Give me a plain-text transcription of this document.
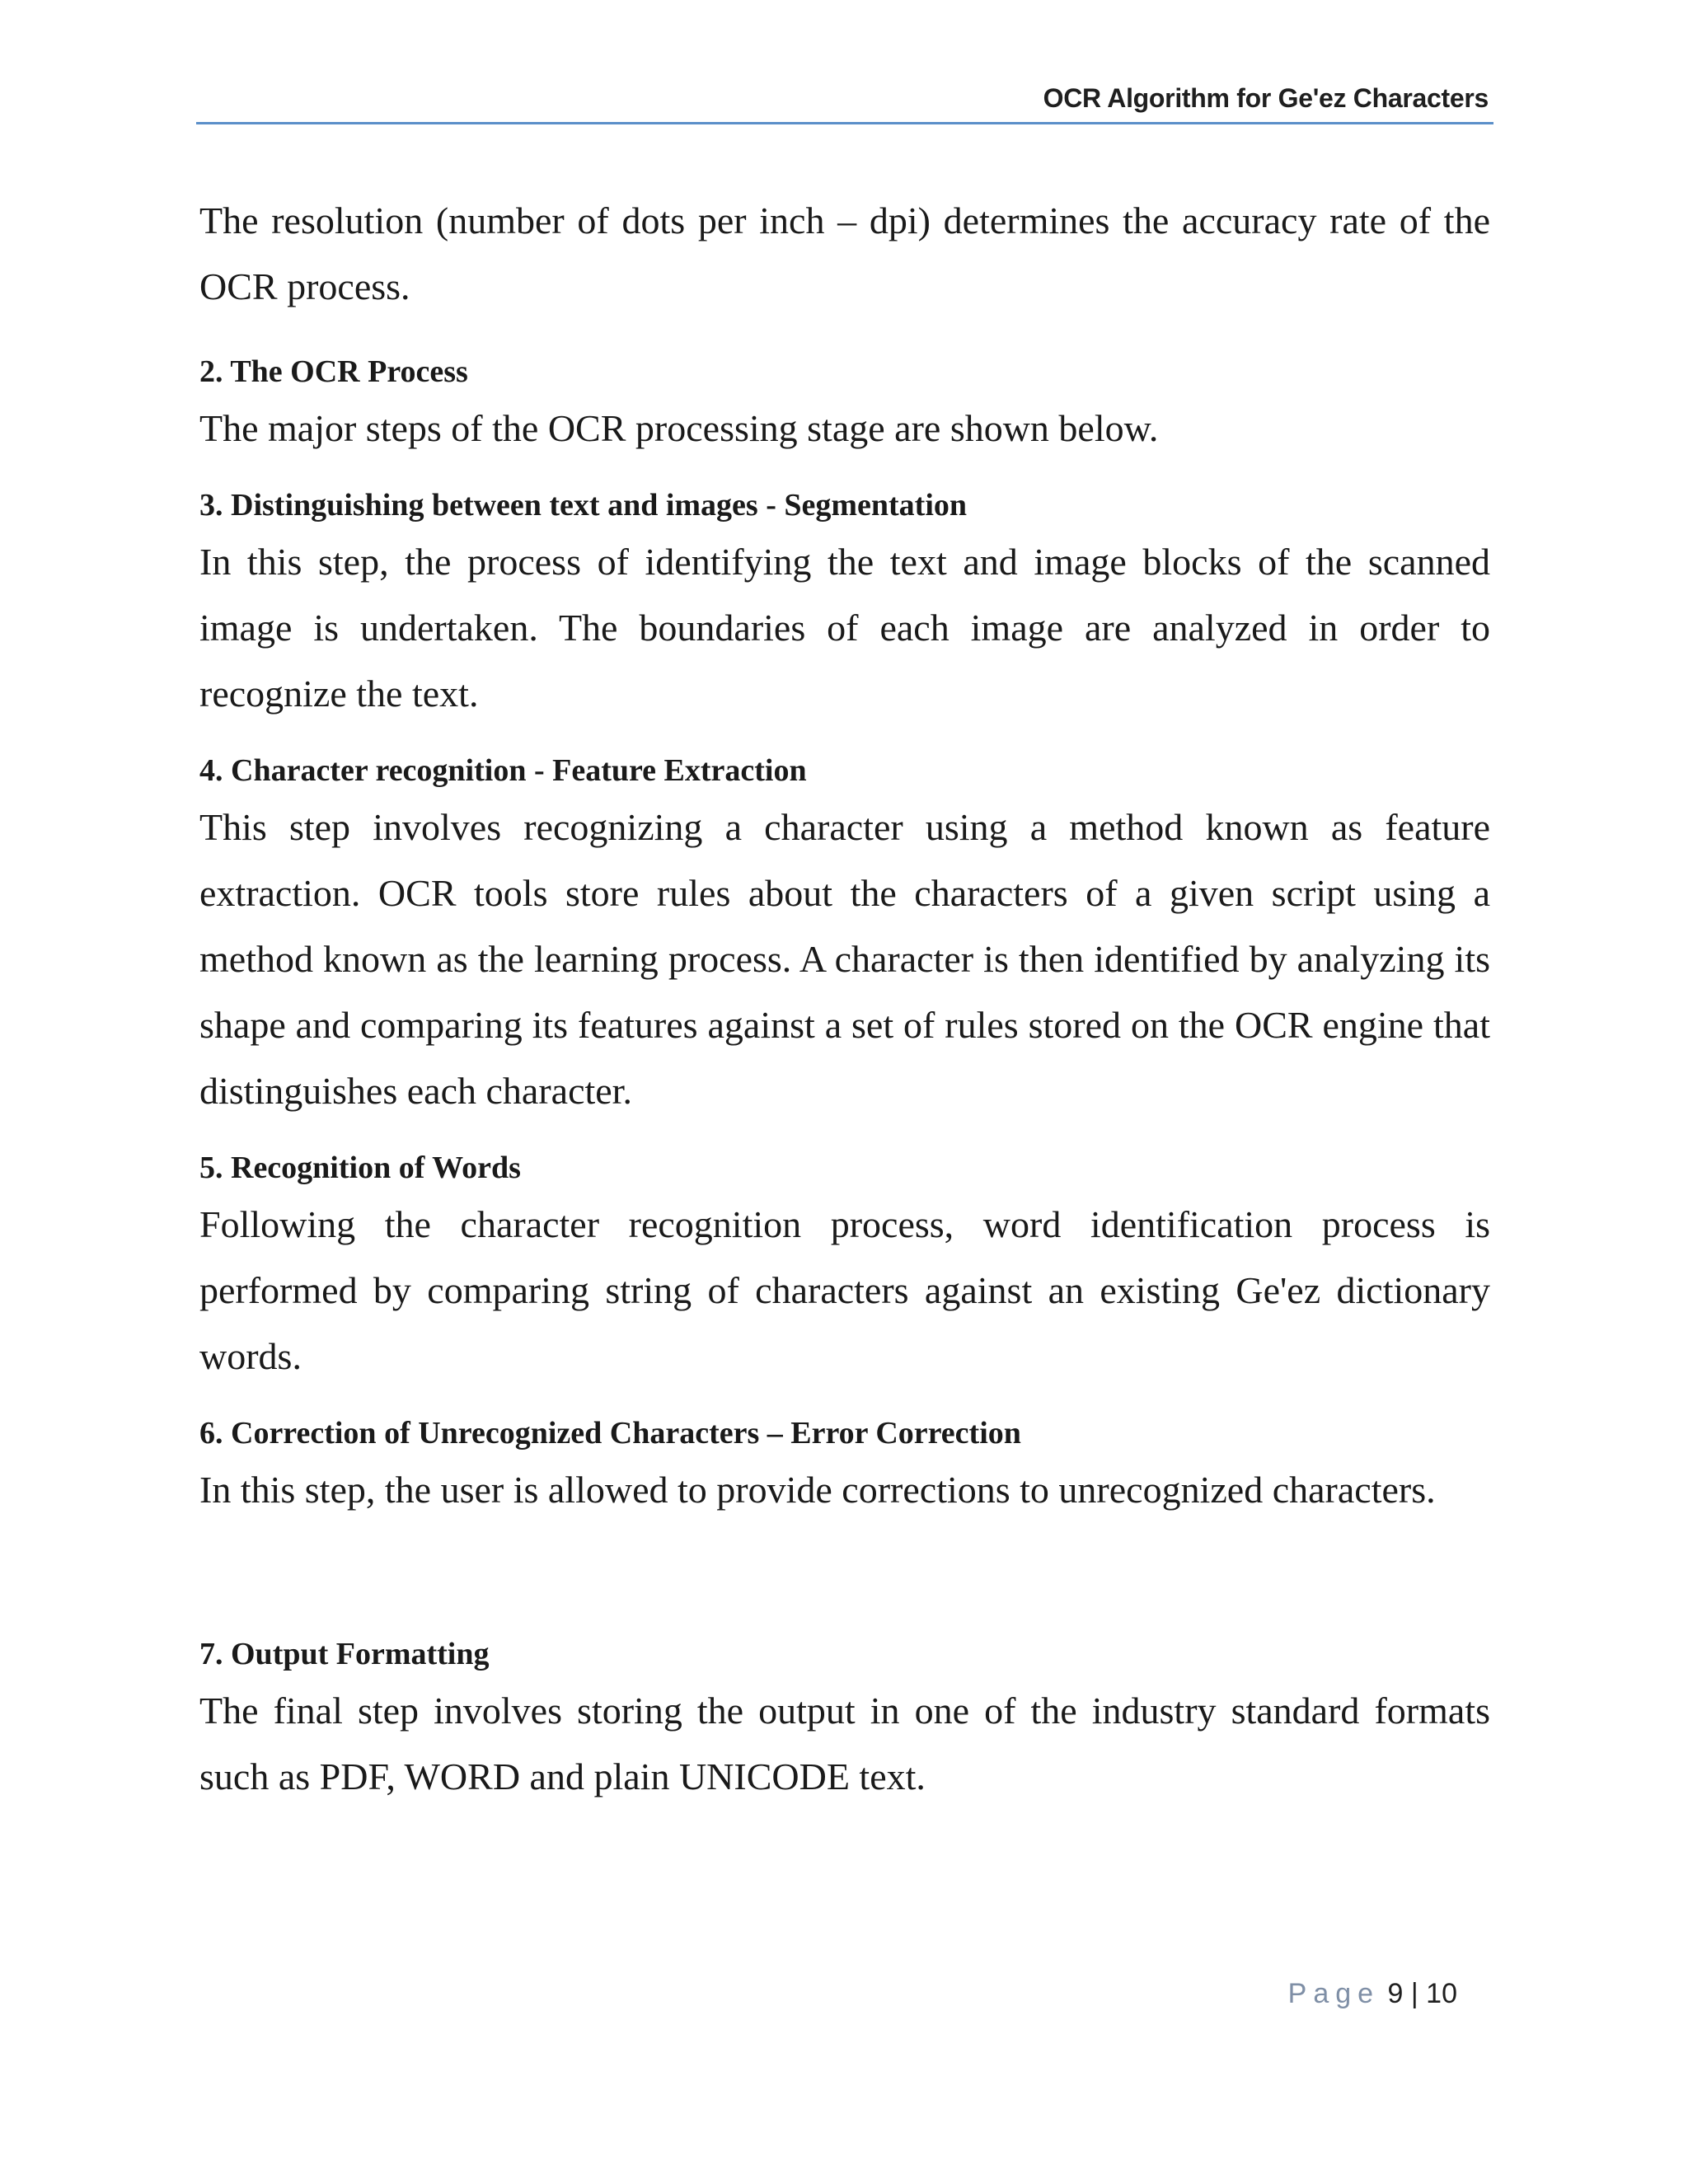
OCR Algorithm for Ge'ez Characters

The resolution (number of dots per inch – dpi) determines the accuracy rate of the OCR process.

2. The OCR Process

The major steps of the OCR processing stage are shown below.

3. Distinguishing between text and images - Segmentation

In this step, the process of identifying the text and image blocks of the scanned image is undertaken. The boundaries of each image are analyzed in order to recognize the text.

4. Character recognition - Feature Extraction

This step involves recognizing a character using a method known as feature extraction. OCR tools store rules about the characters of a given script using a method known as the learning process. A character is then identified by analyzing its shape and comparing its features against a set of rules stored on the OCR engine that distinguishes each character.

5. Recognition of Words

Following the character recognition process, word identification process is performed by comparing string of characters against an existing Ge'ez dictionary words.

6. Correction of Unrecognized Characters – Error Correction

In this step, the user is allowed to provide corrections to unrecognized characters.

7. Output Formatting

The final step involves storing the output in one of the industry standard formats such as PDF, WORD and plain UNICODE text.

Page 9 | 10
